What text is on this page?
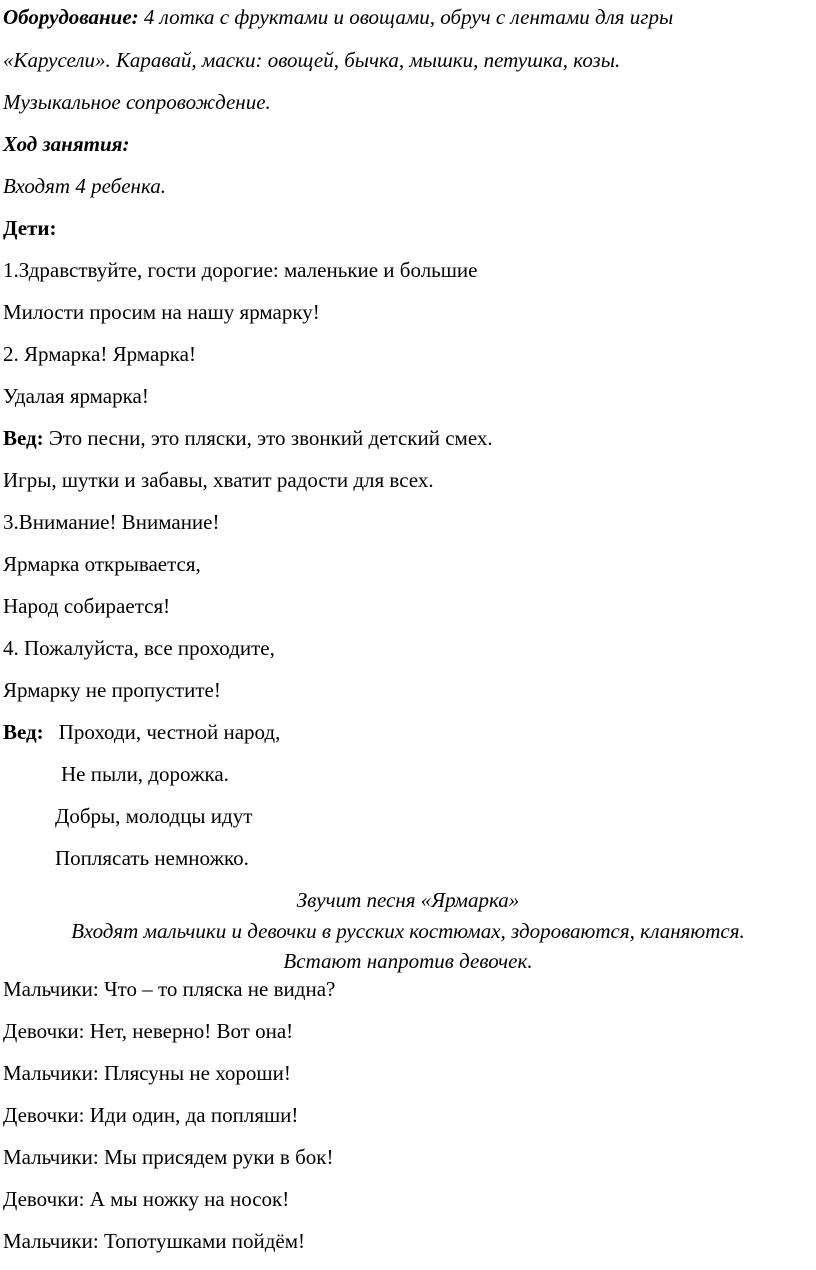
Оборудование: 4 лотка с фруктами и овощами, обруч с лентами для игры
«Карусели». Каравай, маски: овощей, бычка, мышки, петушка, козы.
Музыкальное сопровождение.
Ход занятия:
Входят 4 ребенка.
Дети:
1.Здравствуйте, гости дорогие: маленькие и большие
Милости просим на нашу ярмарку!
2. Ярмарка! Ярмарка!
Удалая ярмарка!
Вед: Это песни, это пляски, это звонкий детский смех.
Игры, шутки и забавы, хватит радости для всех.
3.Внимание! Внимание!
Ярмарка открывается,
Народ собирается!
4. Пожалуйста, все проходите,
Ярмарку не пропустите!
Вед: Проходи, честной народ,
Не пыли, дорожка.
Добры, молодцы идут
Поплясать немножко.
Звучит песня «Ярмарка»
Входят мальчики и девочки в русских костюмах, здороваются, кланяются.
Встают напротив девочек.
Мальчики: Что – то пляска не видна?
Девочки: Нет, неверно! Вот она!
Мальчики: Плясуны не хороши!
Девочки: Иди один, да попляши!
Мальчики: Мы присядем руки в бок!
Девочки: А мы ножку на носок!
Мальчики: Топотушками пойдём!
